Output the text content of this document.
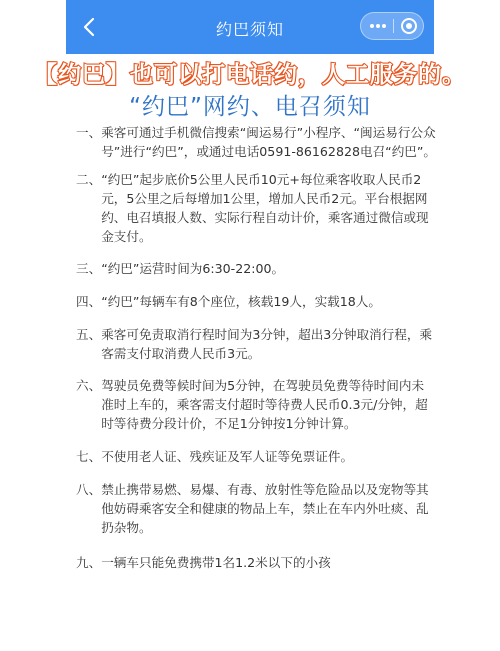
约巴须知
【约巴】也可以打电话约，人工服务的。
“约巴”网约、电召须知
一、 乘客可通过手机微信搜索“闽运易行”小程序、“闽运易行公众号”进行“约巴”，或通过电话0591-86162828电召“约巴”。
二、 “约巴”起步底价5公里人民币10元+每位乘客收取人民币2元，5公里之后每增加1公里，增加人民币2元。平台根据网约、电召填报人数、实际行程自动计价，乘客通过微信或现金支付。
三、 “约巴”运营时间为6:30-22:00。
四、 “约巴”每辆车有8个座位，核载19人，实载18人。
五、 乘客可免责取消行程时间为3分钟，超出3分钟取消行程，乘客需支付取消费人民币3元。
六、 驾驶员免费等候时间为5分钟，在驾驶员免费等待时间内未准时上车的，乘客需支付超时等待费人民币0.3元/分钟，超时等待费分段计价，不足1分钟按1分钟计算。
七、 不使用老人证、残疾证及军人证等免票证件。
八、 禁止携带易燃、易爆、有毒、放射性等危险品以及宠物等其他妨碍乘客安全和健康的物品上车，禁止在车内外吐痰、乱扔杂物。
九、 一辆车只能免费携带1名1.2米以下的小孩
